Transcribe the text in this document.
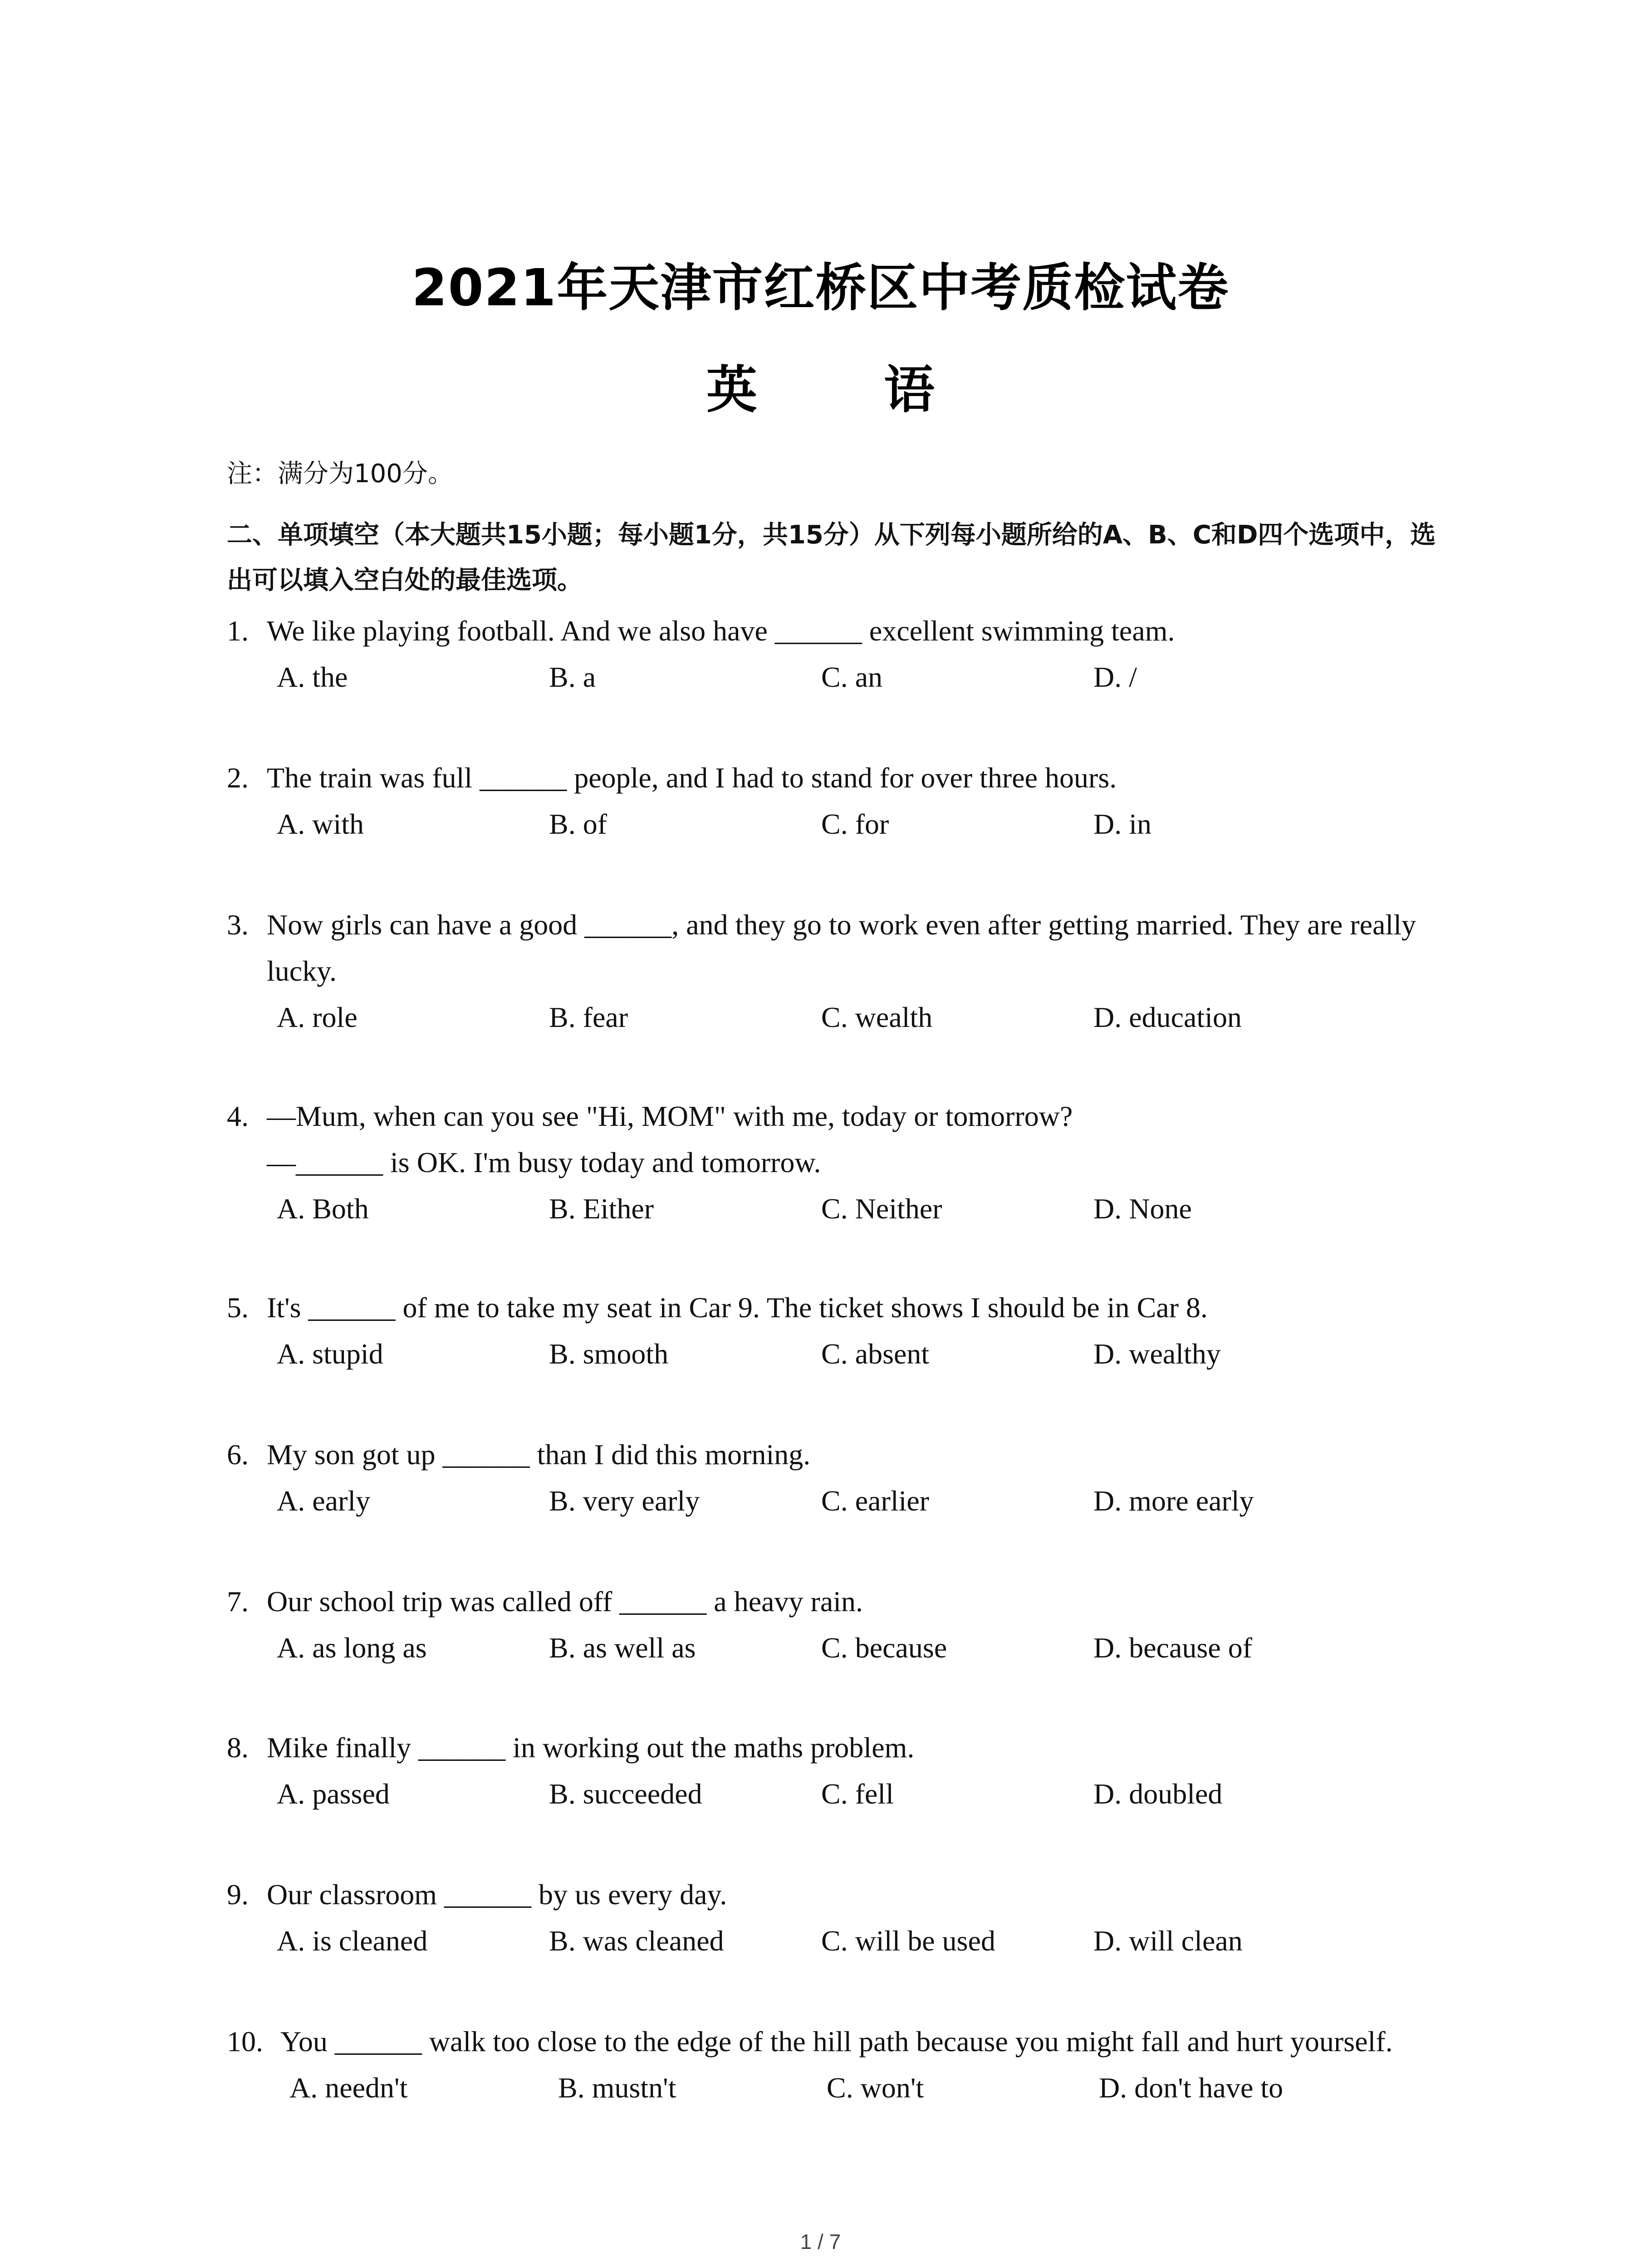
2021年天津市红桥区中考质检试卷
英 语
注：满分为100分。
二、单项填空（本大题共15小题；每小题1分，共15分）从下列每小题所给的A、B、C和D四个选项中，选出可以填入空白处的最佳选项。
1. We like playing football. And we also have ______ excellent swimming team.
A. the	B. a	C. an	D. /
2. The train was full ______ people, and I had to stand for over three hours.
A. with	B. of	C. for	D. in
3. Now girls can have a good ______, and they go to work even after getting married. They are really lucky.
A. role	B. fear	C. wealth	D. education
4. —Mum, when can you see "Hi, MOM" with me, today or tomorrow?
—______ is OK. I'm busy today and tomorrow.
A. Both	B. Either	C. Neither	D. None
5. It's ______ of me to take my seat in Car 9. The ticket shows I should be in Car 8.
A. stupid	B. smooth	C. absent	D. wealthy
6. My son got up ______ than I did this morning.
A. early	B. very early	C. earlier	D. more early
7. Our school trip was called off ______ a heavy rain.
A. as long as	B. as well as	C. because	D. because of
8. Mike finally ______ in working out the maths problem.
A. passed	B. succeeded	C. fell	D. doubled
9. Our classroom ______ by us every day.
A. is cleaned	B. was cleaned	C. will be used	D. will clean
10. You ______ walk too close to the edge of the hill path because you might fall and hurt yourself.
A. needn't	B. mustn't	C. won't	D. don't have to
1 / 7
